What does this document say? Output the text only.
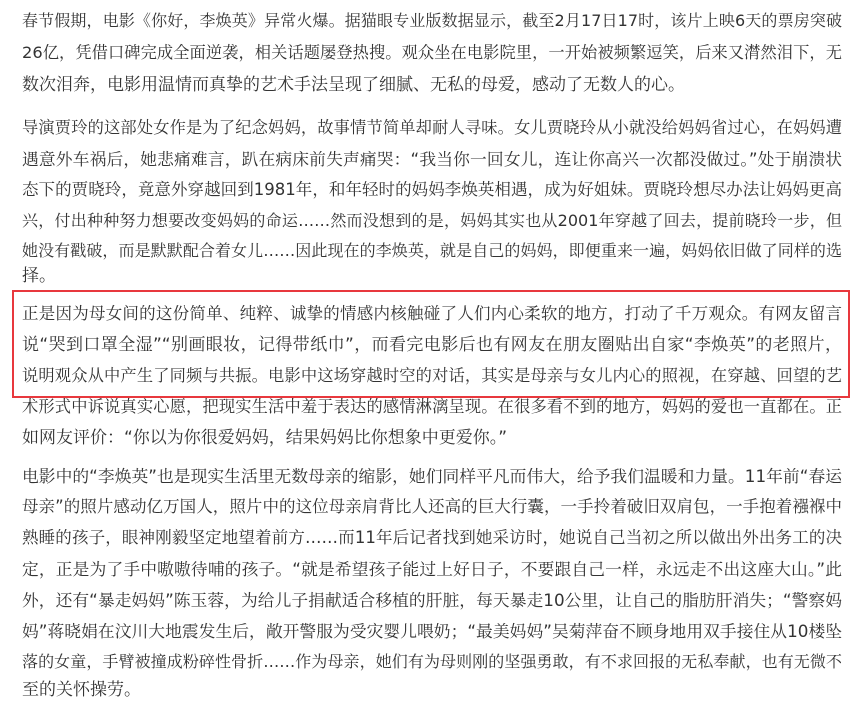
春节假期，电影《你好，李焕英》异常火爆。据猫眼专业版数据显示，截至2月17日17时，该片上映6天的票房突破
26亿，凭借口碑完成全面逆袭，相关话题屡登热搜。观众坐在电影院里，一开始被频繁逗笑，后来又潸然泪下，无
数次泪奔，电影用温情而真挚的艺术手法呈现了细腻、无私的母爱，感动了无数人的心。
导演贾玲的这部处女作是为了纪念妈妈，故事情节简单却耐人寻味。女儿贾晓玲从小就没给妈妈省过心，在妈妈遭
遇意外车祸后，她悲痛难言，趴在病床前失声痛哭：“我当你一回女儿，连让你高兴一次都没做过。”处于崩溃状
态下的贾晓玲，竟意外穿越回到1981年，和年轻时的妈妈李焕英相遇，成为好姐妹。贾晓玲想尽办法让妈妈更高
兴，付出种种努力想要改变妈妈的命运……然而没想到的是，妈妈其实也从2001年穿越了回去，提前晓玲一步，但
她没有戳破，而是默默配合着女儿……因此现在的李焕英，就是自己的妈妈，即便重来一遍，妈妈依旧做了同样的选
择。
正是因为母女间的这份简单、纯粹、诚挚的情感内核触碰了人们内心柔软的地方，打动了千万观众。有网友留言
说“哭到口罩全湿”“别画眼妆，记得带纸巾”，而看完电影后也有网友在朋友圈贴出自家“李焕英”的老照片，
说明观众从中产生了同频与共振。电影中这场穿越时空的对话，其实是母亲与女儿内心的照视，在穿越、回望的艺
术形式中诉说真实心愿，把现实生活中羞于表达的感情淋漓呈现。在很多看不到的地方，妈妈的爱也一直都在。正
如网友评价：“你以为你很爱妈妈，结果妈妈比你想象中更爱你。”
电影中的“李焕英”也是现实生活里无数母亲的缩影，她们同样平凡而伟大，给予我们温暖和力量。11年前“春运
母亲”的照片感动亿万国人，照片中的这位母亲肩背比人还高的巨大行囊，一手拎着破旧双肩包，一手抱着襁褓中
熟睡的孩子，眼神刚毅坚定地望着前方……而11年后记者找到她采访时，她说自己当初之所以做出外出务工的决
定，正是为了手中嗷嗷待哺的孩子。“就是希望孩子能过上好日子，不要跟自己一样，永远走不出这座大山。”此
外，还有“暴走妈妈”陈玉蓉，为给儿子捐献适合移植的肝脏，每天暴走10公里，让自己的脂肪肝消失；“警察妈
妈”蒋晓娟在汶川大地震发生后，敞开警服为受灾婴儿喂奶；“最美妈妈”吴菊萍奋不顾身地用双手接住从10楼坠
落的女童，手臂被撞成粉碎性骨折……作为母亲，她们有为母则刚的坚强勇敢，有不求回报的无私奉献，也有无微不
至的关怀操劳。
